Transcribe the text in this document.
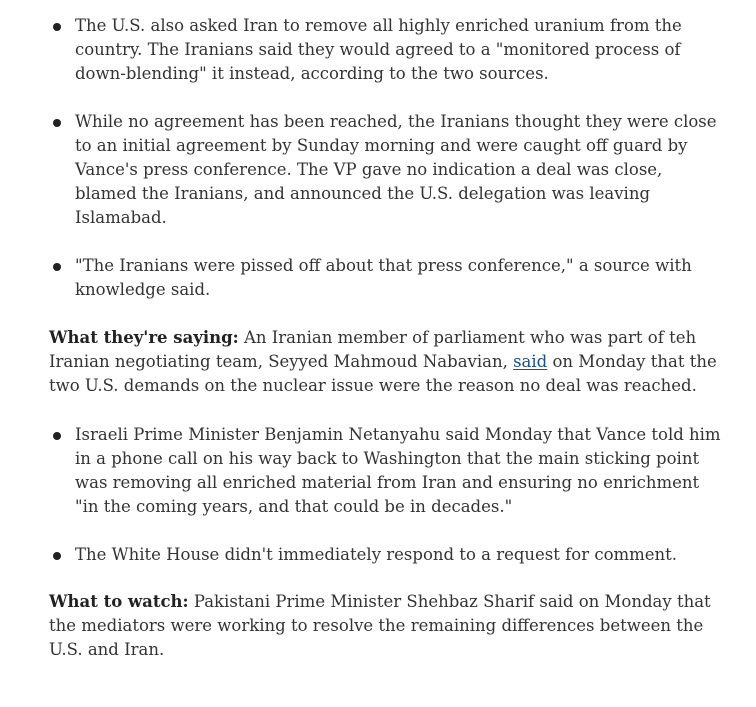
The U.S. also asked Iran to remove all highly enriched uranium from the country. The Iranians said they would agreed to a "monitored process of down-blending" it instead, according to the two sources.
While no agreement has been reached, the Iranians thought they were close to an initial agreement by Sunday morning and were caught off guard by Vance's press conference. The VP gave no indication a deal was close, blamed the Iranians, and announced the U.S. delegation was leaving Islamabad.
"The Iranians were pissed off about that press conference," a source with knowledge said.

What they're saying: An Iranian member of parliament who was part of teh Iranian negotiating team, Seyyed Mahmoud Nabavian, said on Monday that the two U.S. demands on the nuclear issue were the reason no deal was reached.

Israeli Prime Minister Benjamin Netanyahu said Monday that Vance told him in a phone call on his way back to Washington that the main sticking point was removing all enriched material from Iran and ensuring no enrichment "in the coming years, and that could be in decades."
The White House didn't immediately respond to a request for comment.

What to watch: Pakistani Prime Minister Shehbaz Sharif said on Monday that the mediators were working to resolve the remaining differences between the U.S. and Iran.
